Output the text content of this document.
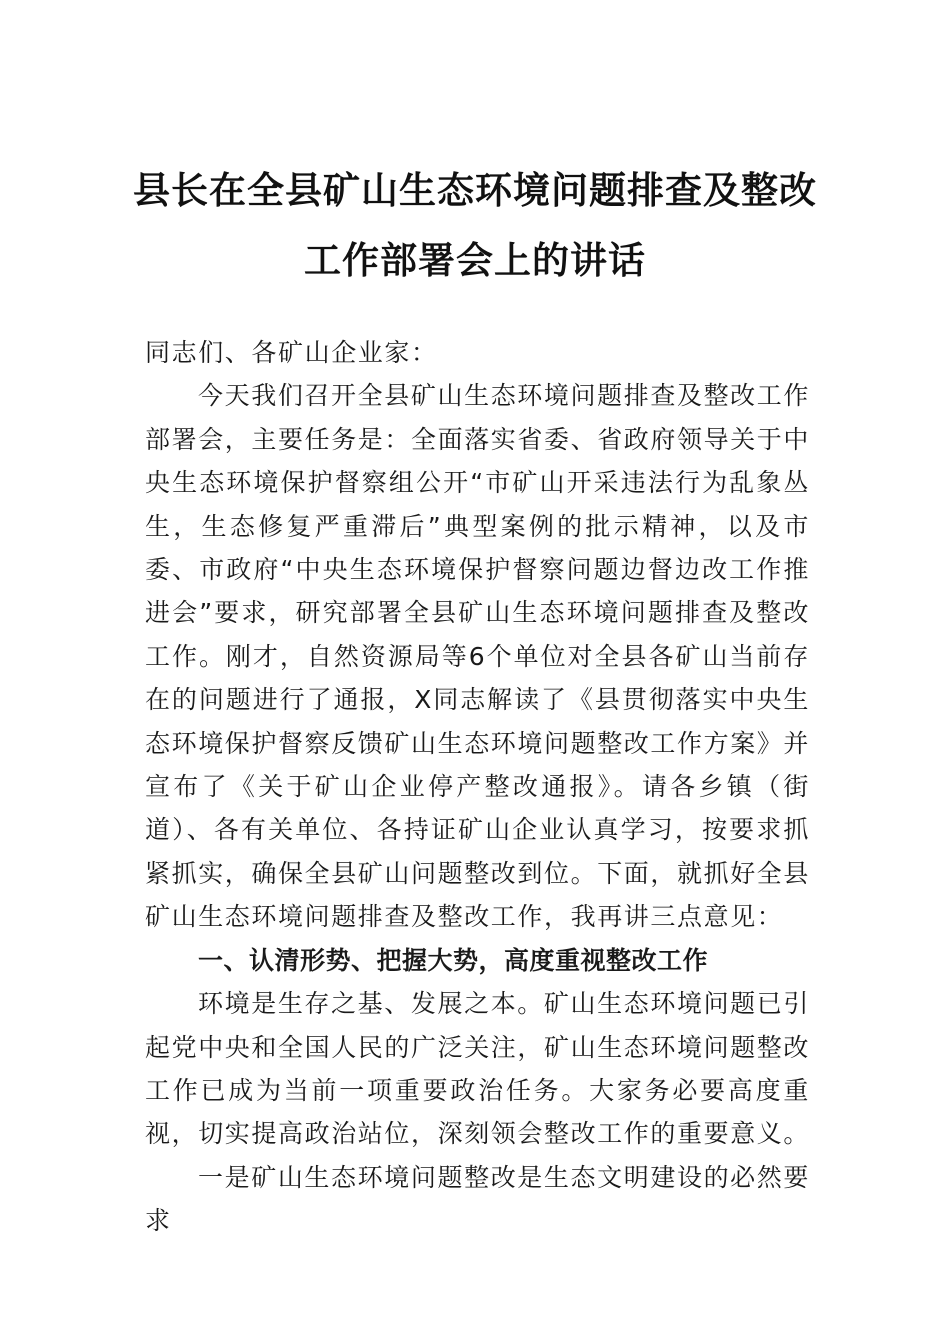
县长在全县矿山生态环境问题排查及整改
工作部署会上的讲话

同志们、各矿山企业家：

今天我们召开全县矿山生态环境问题排查及整改工作部署会，主要任务是：全面落实省委、省政府领导关于中央生态环境保护督察组公开“市矿山开采违法行为乱象丛生，生态修复严重滞后”典型案例的批示精神，以及市委、市政府“中央生态环境保护督察问题边督边改工作推进会”要求，研究部署全县矿山生态环境问题排查及整改工作。刚才，自然资源局等6个单位对全县各矿山当前存在的问题进行了通报，X同志解读了《县贯彻落实中央生态环境保护督察反馈矿山生态环境问题整改工作方案》并宣布了《关于矿山企业停产整改通报》。请各乡镇（街道）、各有关单位、各持证矿山企业认真学习，按要求抓紧抓实，确保全县矿山问题整改到位。下面，就抓好全县矿山生态环境问题排查及整改工作，我再讲三点意见：

一、认清形势、把握大势，高度重视整改工作

环境是生存之基、发展之本。矿山生态环境问题已引起党中央和全国人民的广泛关注，矿山生态环境问题整改工作已成为当前一项重要政治任务。大家务必要高度重视，切实提高政治站位，深刻领会整改工作的重要意义。

一是矿山生态环境问题整改是生态文明建设的必然要求
